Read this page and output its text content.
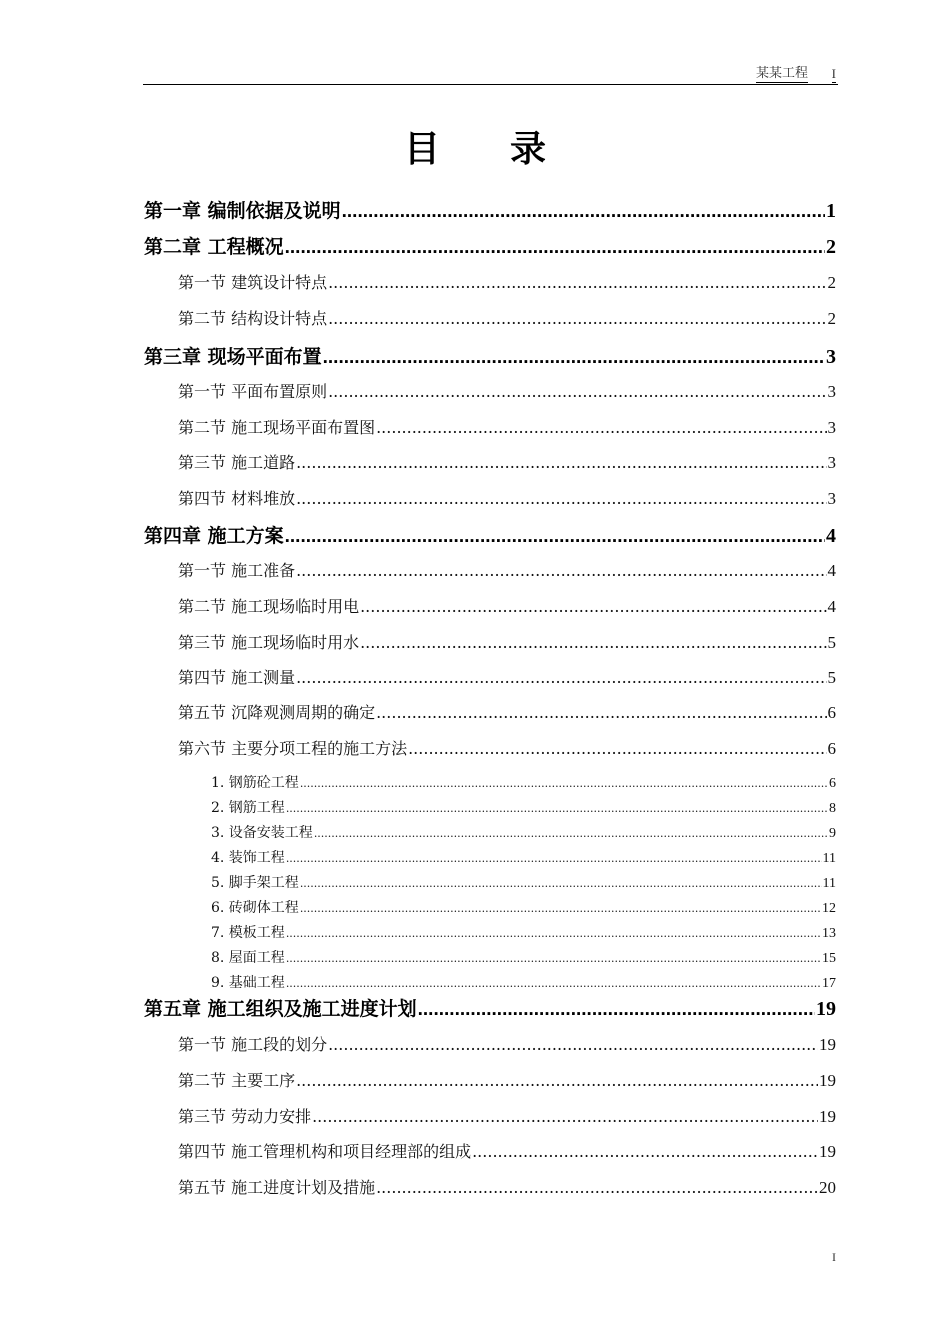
某某工程 I
目录
第一章 编制依据及说明 .....	1
第二章 工程概况 .....	2
第一节 建筑设计特点 .....	2
第二节 结构设计特点 .....	2
第三章 现场平面布置 .....	3
第一节 平面布置原则 .....	3
第二节 施工现场平面布置图 .....	3
第三节 施工道路 .....	3
第四节 材料堆放 .....	3
第四章 施工方案 .....	4
第一节 施工准备 .....	4
第二节 施工现场临时用电 .....	4
第三节 施工现场临时用水 .....	5
第四节 施工测量 .....	5
第五节 沉降观测周期的确定 .....	6
第六节 主要分项工程的施工方法 .....	6
1. 钢筋砼工程 .....	6
2. 钢筋工程 .....	8
3. 设备安装工程 .....	9
4. 装饰工程 .....	11
5. 脚手架工程 .....	11
6. 砖砌体工程 .....	12
7. 模板工程 .....	13
8. 屋面工程 .....	15
9. 基础工程 .....	17
第五章 施工组织及施工进度计划 .....	19
第一节 施工段的划分 .....	19
第二节 主要工序 .....	19
第三节 劳动力安排 .....	19
第四节 施工管理机构和项目经理部的组成 .....	19
第五节 施工进度计划及措施 .....	20
I
